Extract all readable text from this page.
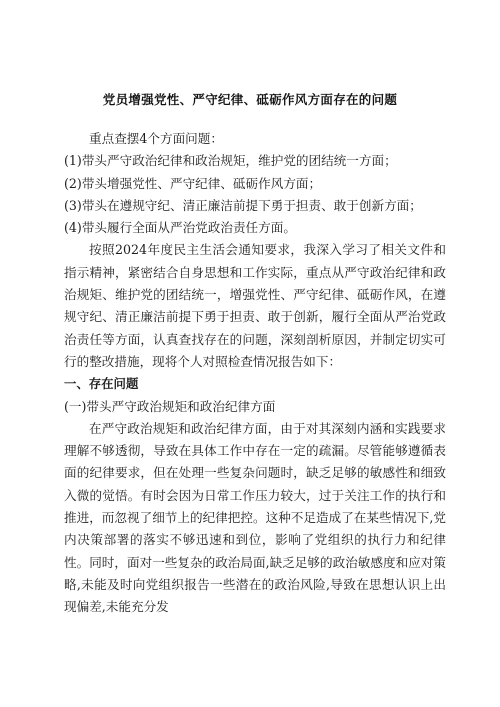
党员增强党性、严守纪律、砥砺作风方面存在的问题

重点查摆4个方面问题：

(1)带头严守政治纪律和政治规矩，维护党的团结统一方面；

(2)带头增强党性、严守纪律、砥砺作风方面；

(3)带头在遵规守纪、清正廉洁前提下勇于担责、敢于创新方面；

(4)带头履行全面从严治党政治责任方面。

按照2024年度民主生活会通知要求，我深入学习了相关文件和指示精神，紧密结合自身思想和工作实际，重点从严守政治纪律和政治规矩、维护党的团结统一，增强党性、严守纪律、砥砺作风，在遵规守纪、清正廉洁前提下勇于担责、敢于创新，履行全面从严治党政治责任等方面，认真查找存在的问题，深刻剖析原因，并制定切实可行的整改措施，现将个人对照检查情况报告如下：

一、存在问题

(一)带头严守政治规矩和政治纪律方面

在严守政治规矩和政治纪律方面，由于对其深刻内涵和实践要求理解不够透彻，导致在具体工作中存在一定的疏漏。尽管能够遵循表面的纪律要求，但在处理一些复杂问题时，缺乏足够的敏感性和细致入微的觉悟。有时会因为日常工作压力较大，过于关注工作的执行和推进，而忽视了细节上的纪律把控。这种不足造成了在某些情况下,党内决策部署的落实不够迅速和到位，影响了党组织的执行力和纪律性。同时，面对一些复杂的政治局面,缺乏足够的政治敏感度和应对策略,未能及时向党组织报告一些潜在的政治风险,导致在思想认识上出现偏差,未能充分发
